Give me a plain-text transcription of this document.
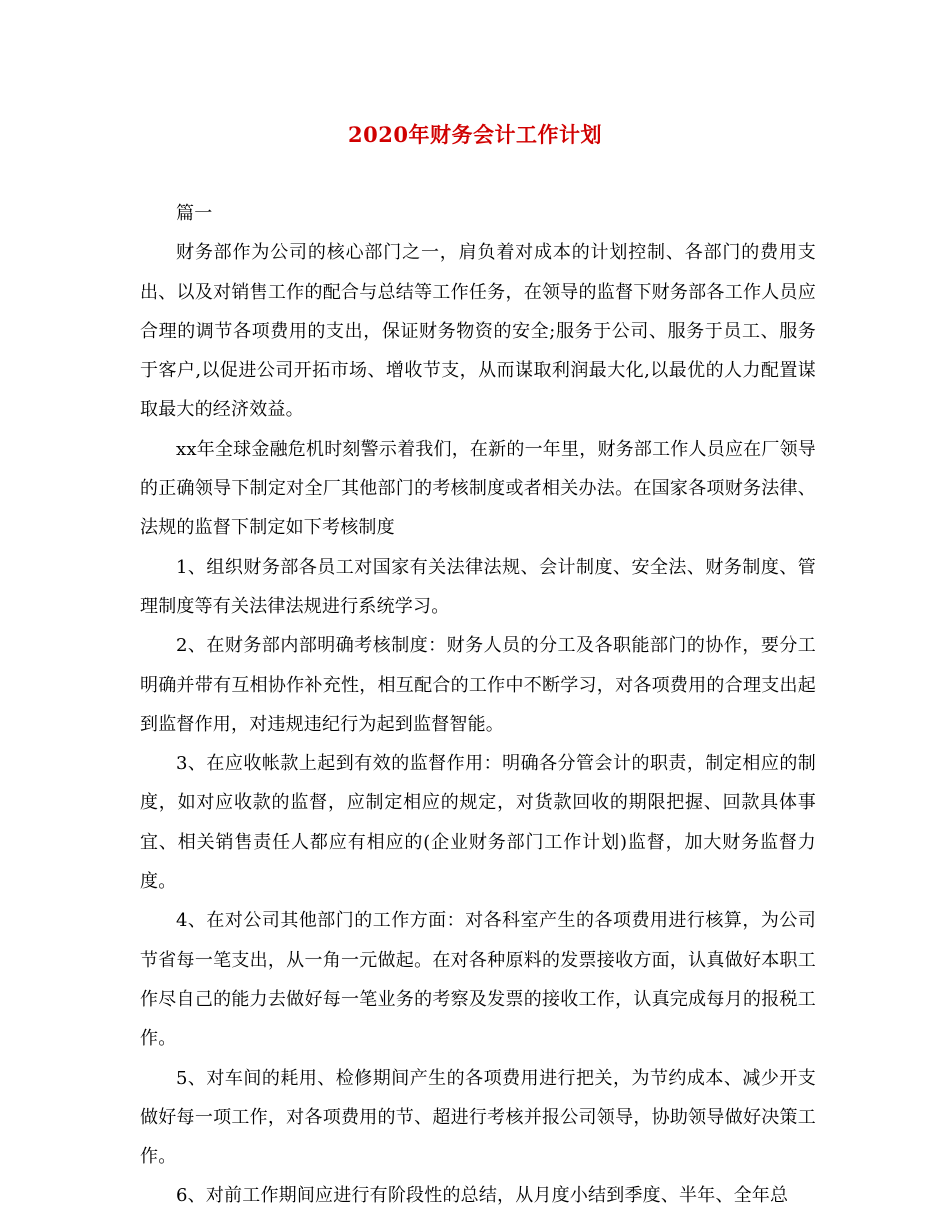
2020年财务会计工作计划

篇一

财务部作为公司的核心部门之一，肩负着对成本的计划控制、各部门的费用支出、以及对销售工作的配合与总结等工作任务，在领导的监督下财务部各工作人员应合理的调节各项费用的支出，保证财务物资的安全;服务于公司、服务于员工、服务于客户,以促进公司开拓市场、增收节支，从而谋取利润最大化,以最优的人力配置谋取最大的经济效益。

xx年全球金融危机时刻警示着我们，在新的一年里，财务部工作人员应在厂领导的正确领导下制定对全厂其他部门的考核制度或者相关办法。在国家各项财务法律、法规的监督下制定如下考核制度

1、组织财务部各员工对国家有关法律法规、会计制度、安全法、财务制度、管理制度等有关法律法规进行系统学习。

2、在财务部内部明确考核制度：财务人员的分工及各职能部门的协作，要分工明确并带有互相协作补充性，相互配合的工作中不断学习，对各项费用的合理支出起到监督作用，对违规违纪行为起到监督智能。

3、在应收帐款上起到有效的监督作用：明确各分管会计的职责，制定相应的制度，如对应收款的监督，应制定相应的规定，对货款回收的期限把握、回款具体事宜、相关销售责任人都应有相应的(企业财务部门工作计划)监督，加大财务监督力度。

4、在对公司其他部门的工作方面：对各科室产生的各项费用进行核算，为公司节省每一笔支出，从一角一元做起。在对各种原料的发票接收方面，认真做好本职工作尽自己的能力去做好每一笔业务的考察及发票的接收工作，认真完成每月的报税工作。

5、对车间的耗用、检修期间产生的各项费用进行把关，为节约成本、减少开支做好每一项工作，对各项费用的节、超进行考核并报公司领导，协助领导做好决策工作。

6、对前工作期间应进行有阶段性的总结，从月度小结到季度、半年、全年总
